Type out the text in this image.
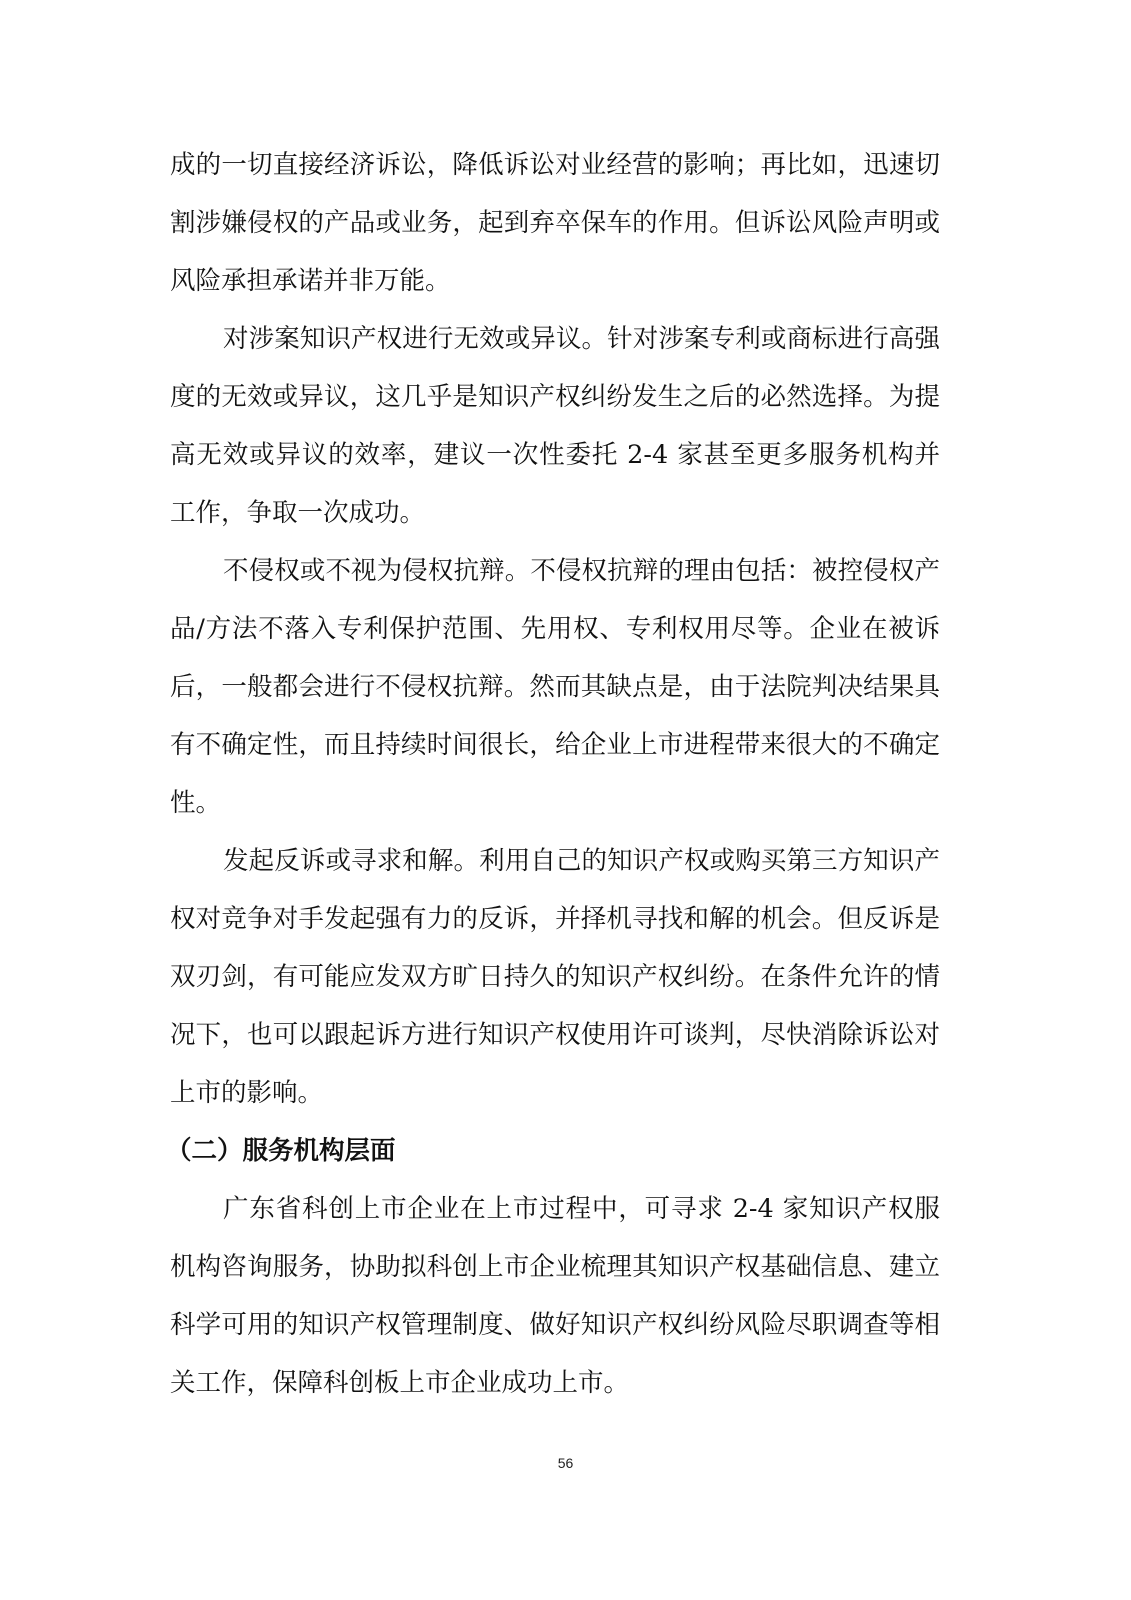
成的一切直接经济诉讼，降低诉讼对业经营的影响；再比如，迅速切
割涉嫌侵权的产品或业务，起到弃卒保车的作用。但诉讼风险声明或
风险承担承诺并非万能。
对涉案知识产权进行无效或异议。针对涉案专利或商标进行高强
度的无效或异议，这几乎是知识产权纠纷发生之后的必然选择。为提
高无效或异议的效率，建议一次性委托 2-4 家甚至更多服务机构并
工作，争取一次成功。
不侵权或不视为侵权抗辩。不侵权抗辩的理由包括：被控侵权产
品/方法不落入专利保护范围、先用权、专利权用尽等。企业在被诉
后，一般都会进行不侵权抗辩。然而其缺点是，由于法院判决结果具
有不确定性，而且持续时间很长，给企业上市进程带来很大的不确定
性。
发起反诉或寻求和解。利用自己的知识产权或购买第三方知识产
权对竞争对手发起强有力的反诉，并择机寻找和解的机会。但反诉是
双刃剑，有可能应发双方旷日持久的知识产权纠纷。在条件允许的情
况下，也可以跟起诉方进行知识产权使用许可谈判，尽快消除诉讼对
上市的影响。
（二）服务机构层面
广东省科创上市企业在上市过程中，可寻求 2-4 家知识产权服
机构咨询服务，协助拟科创上市企业梳理其知识产权基础信息、建立
科学可用的知识产权管理制度、做好知识产权纠纷风险尽职调查等相
关工作，保障科创板上市企业成功上市。
56
